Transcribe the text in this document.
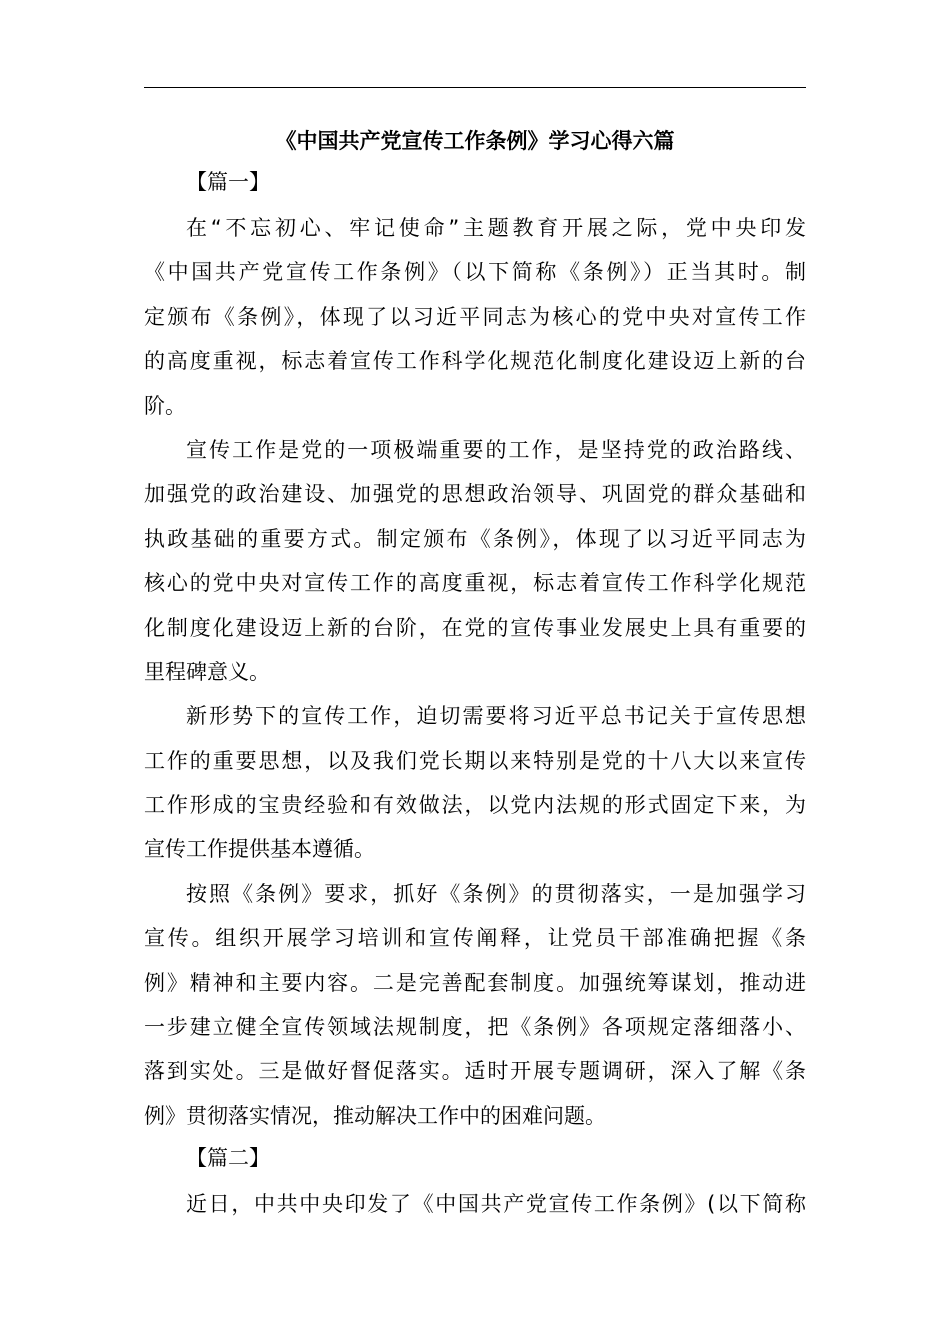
《中国共产党宣传工作条例》学习心得六篇
【篇一】
在“不忘初心、牢记使命”主题教育开展之际，党中央印发
《中国共产党宣传工作条例》（以下简称《条例》）正当其时。制
定颁布《条例》，体现了以习近平同志为核心的党中央对宣传工作
的高度重视，标志着宣传工作科学化规范化制度化建设迈上新的台
阶。
宣传工作是党的一项极端重要的工作，是坚持党的政治路线、
加强党的政治建设、加强党的思想政治领导、巩固党的群众基础和
执政基础的重要方式。制定颁布《条例》，体现了以习近平同志为
核心的党中央对宣传工作的高度重视，标志着宣传工作科学化规范
化制度化建设迈上新的台阶，在党的宣传事业发展史上具有重要的
里程碑意义。
新形势下的宣传工作，迫切需要将习近平总书记关于宣传思想
工作的重要思想，以及我们党长期以来特别是党的十八大以来宣传
工作形成的宝贵经验和有效做法，以党内法规的形式固定下来，为
宣传工作提供基本遵循。
按照《条例》要求，抓好《条例》的贯彻落实，一是加强学习
宣传。组织开展学习培训和宣传阐释，让党员干部准确把握《条
例》精神和主要内容。二是完善配套制度。加强统筹谋划，推动进
一步建立健全宣传领域法规制度，把《条例》各项规定落细落小、
落到实处。三是做好督促落实。适时开展专题调研，深入了解《条
例》贯彻落实情况，推动解决工作中的困难问题。
【篇二】
近日，中共中央印发了《中国共产党宣传工作条例》(以下简称
